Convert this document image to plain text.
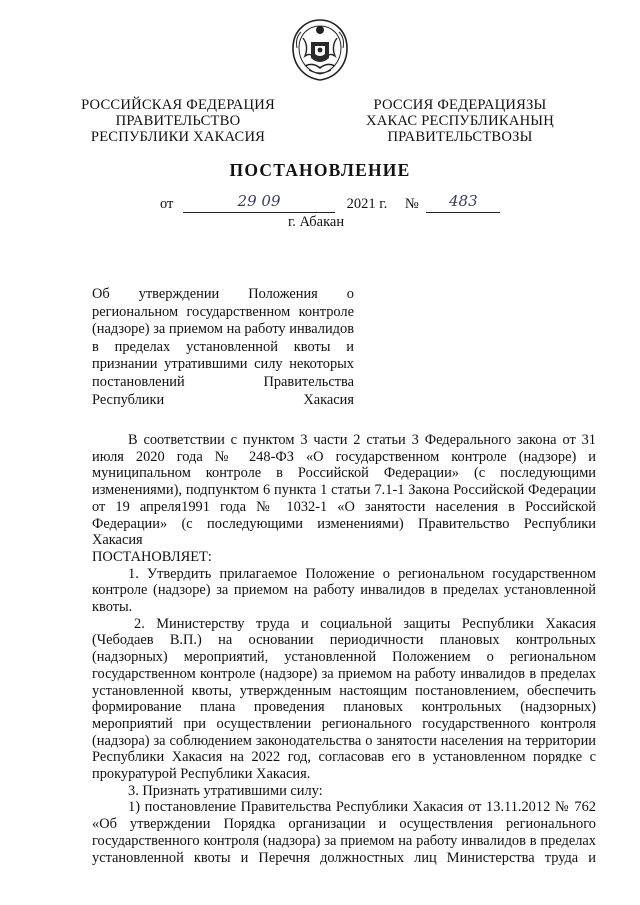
РОССИЙСКАЯ ФЕДЕРАЦИЯ
ПРАВИТЕЛЬСТВО
РЕСПУБЛИКИ ХАКАСИЯ
РОССИЯ ФЕДЕРАЦИЯЗЫ
ХАКАС РЕСПУБЛИКАНЫҢ
ПРАВИТЕЛЬСТВОЗЫ
ПОСТАНОВЛЕНИЕ
от	29 09	2021 г. №	483
г. Абакан
Об утверждении Положения о региональном государственном контроле (надзоре) за приемом на работу инвалидов в пределах установленной квоты и признании утратившими силу некоторых постановлений Правительства Республики Хакасия

В соответствии с пунктом 3 части 2 статьи 3 Федерального закона от 31 июля 2020 года № 248-ФЗ «О государственном контроле (надзоре) и муниципальном контроле в Российской Федерации» (с последующими изменениями), подпунктом 6 пункта 1 статьи 7.1-1 Закона Российской Федерации от 19 апреля1991 года № 1032-1 «О занятости населения в Российской Федерации» (с последующими изменениями) Правительство Республики Хакасия

ПОСТАНОВЛЯЕТ:

1. Утвердить прилагаемое Положение о региональном государственном контроле (надзоре) за приемом на работу инвалидов в пределах установленной квоты.

2. Министерству труда и социальной защиты Республики Хакасия (Чебодаев В.П.) на основании периодичности плановых контрольных (надзорных) мероприятий, установленной Положением о региональном государственном контроле (надзоре) за приемом на работу инвалидов в пределах установленной квоты, утвержденным настоящим постановлением, обеспечить формирование плана проведения плановых контрольных (надзорных) мероприятий при осуществлении регионального государственного контроля (надзора) за соблюдением законодательства о занятости населения на территории Республики Хакасия на 2022 год, согласовав его в установленном порядке с прокуратурой Республики Хакасия.

3. Признать утратившими силу:

1) постановление Правительства Республики Хакасия от 13.11.2012 № 762 «Об утверждении Порядка организации и осуществления регионального государственного контроля (надзора) за приемом на работу инвалидов в пределах установленной квоты и Перечня должностных лиц Министерства труда и
